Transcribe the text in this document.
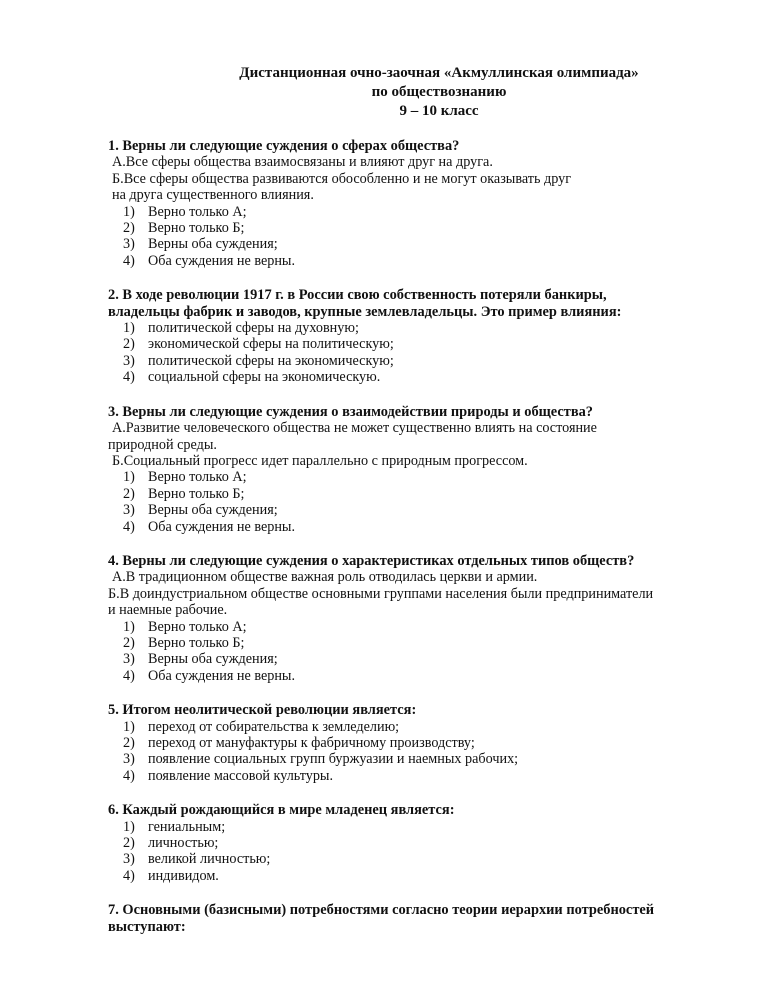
Дистанционная очно-заочная «Акмуллинская олимпиада»
по обществознанию
9 – 10 класс
1. Верны ли следующие суждения о сферах общества?
А.Все сферы общества взаимосвязаны и влияют друг на друга.
Б.Все сферы общества развиваются обособленно и не могут оказывать друг
на друга существенного влияния.
1) Верно только А;
2) Верно только Б;
3) Верны оба суждения;
4) Оба суждения не верны.
2. В ходе революции 1917 г. в России свою собственность потеряли банкиры,
владельцы фабрик и заводов, крупные землевладельцы. Это пример влияния:
1) политической сферы на духовную;
2) экономической сферы на политическую;
3) политической сферы на экономическую;
4) социальной сферы на экономическую.
3. Верны ли следующие суждения о взаимодействии природы и общества?
А.Развитие человеческого общества не может существенно влиять на состояние
природной среды.
Б.Социальный прогресс идет параллельно с природным прогрессом.
1) Верно только А;
2) Верно только Б;
3) Верны оба суждения;
4) Оба суждения не верны.
4. Верны ли следующие суждения о характеристиках отдельных типов обществ?
А.В традиционном обществе важная роль отводилась церкви и армии.
Б.В доиндустриальном обществе основными группами населения были предприниматели
и наемные рабочие.
1) Верно только А;
2) Верно только Б;
3) Верны оба суждения;
4) Оба суждения не верны.
5. Итогом неолитической революции является:
1) переход от собирательства к земледелию;
2) переход от мануфактуры к фабричному производству;
3) появление социальных групп буржуазии и наемных рабочих;
4) появление массовой культуры.
6. Каждый рождающийся в мире младенец является:
1) гениальным;
2) личностью;
3) великой личностью;
4) индивидом.
7. Основными (базисными) потребностями согласно теории иерархии потребностей
выступают:
